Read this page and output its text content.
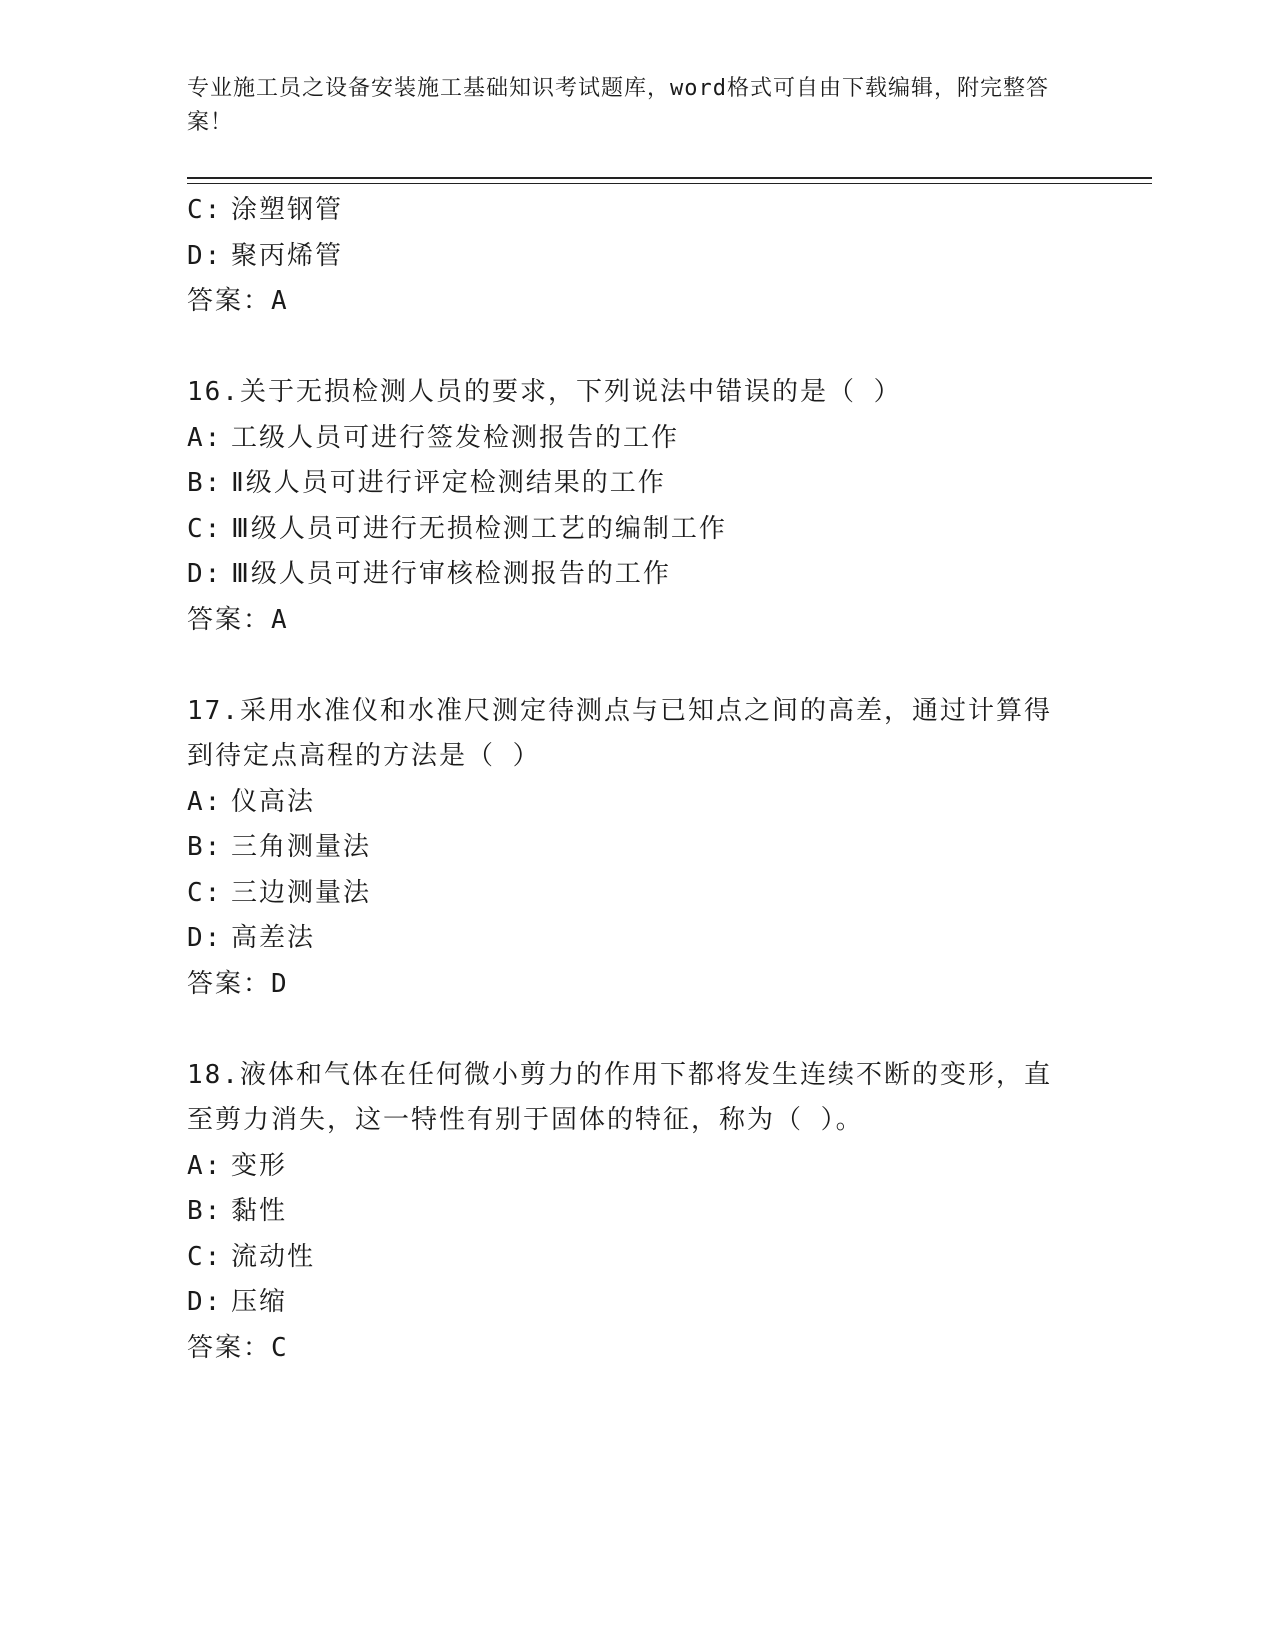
专业施工员之设备安装施工基础知识考试题库，word格式可自由下载编辑，附完整答案！
C: 涂塑钢管
D: 聚丙烯管
答案：A
16.关于无损检测人员的要求，下列说法中错误的是（ ）
A: 工级人员可进行签发检测报告的工作
B: Ⅱ级人员可进行评定检测结果的工作
C: Ⅲ级人员可进行无损检测工艺的编制工作
D: Ⅲ级人员可进行审核检测报告的工作
答案：A
17.采用水准仪和水准尺测定待测点与已知点之间的高差，通过计算得到待定点高程的方法是（ ）
A: 仪高法
B: 三角测量法
C: 三边测量法
D: 高差法
答案：D
18.液体和气体在任何微小剪力的作用下都将发生连续不断的变形，直至剪力消失，这一特性有别于固体的特征，称为（ ）。
A: 变形
B: 黏性
C: 流动性
D: 压缩
答案：C
